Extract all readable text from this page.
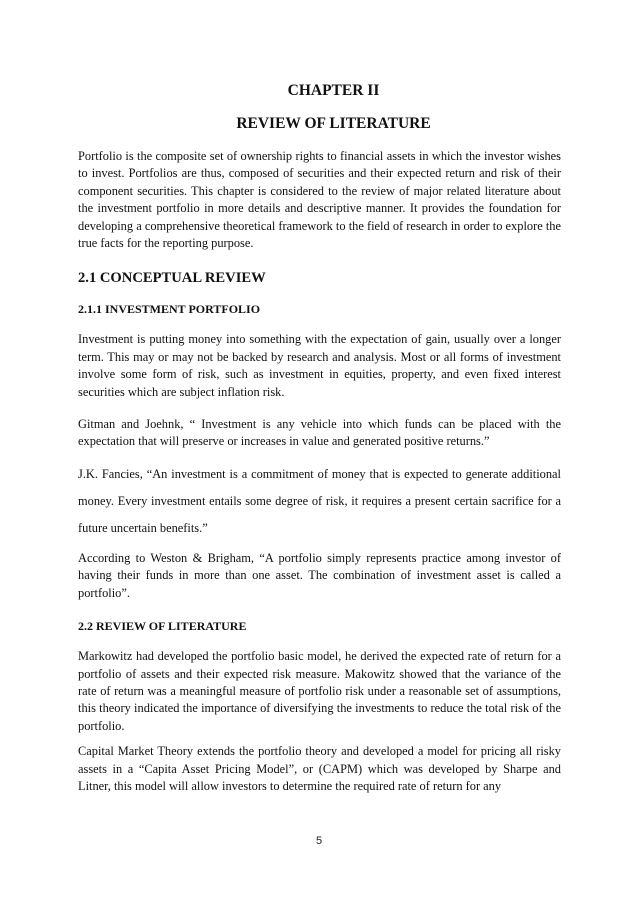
CHAPTER II
REVIEW OF LITERATURE

Portfolio is the composite set of ownership rights to financial assets in which the investor wishes to invest. Portfolios are thus, composed of securities and their expected return and risk of their component securities. This chapter is considered to the review of major related literature about the investment portfolio in more details and descriptive manner. It provides the foundation for developing a comprehensive theoretical framework to the field of research in order to explore the true facts for the reporting purpose.

2.1 CONCEPTUAL REVIEW
2.1.1 INVESTMENT PORTFOLIO

Investment is putting money into something with the expectation of gain, usually over a longer term. This may or may not be backed by research and analysis. Most or all forms of investment involve some form of risk, such as investment in equities, property, and even fixed interest securities which are subject inflation risk.

Gitman and Joehnk, “ Investment is any vehicle into which funds can be placed with the expectation that will preserve or increases in value and generated positive returns.”

J.K. Fancies, “An investment is a commitment of money that is expected to generate additional money. Every investment entails some degree of risk, it requires a present certain sacrifice for a future uncertain benefits.”

According to Weston & Brigham, “A portfolio simply represents practice among investor of having their funds in more than one asset. The combination of investment asset is called a portfolio”.

2.2 REVIEW OF LITERATURE

Markowitz had developed the portfolio basic model, he derived the expected rate of return for a portfolio of assets and their expected risk measure. Makowitz showed that the variance of the rate of return was a meaningful measure of portfolio risk under a reasonable set of assumptions, this theory indicated the importance of diversifying the investments to reduce the total risk of the portfolio.

Capital Market Theory extends the portfolio theory and developed a model for pricing all risky assets in a “Capita Asset Pricing Model”, or (CAPM) which was developed by Sharpe and Litner, this model will allow investors to determine the required rate of return for any

5
